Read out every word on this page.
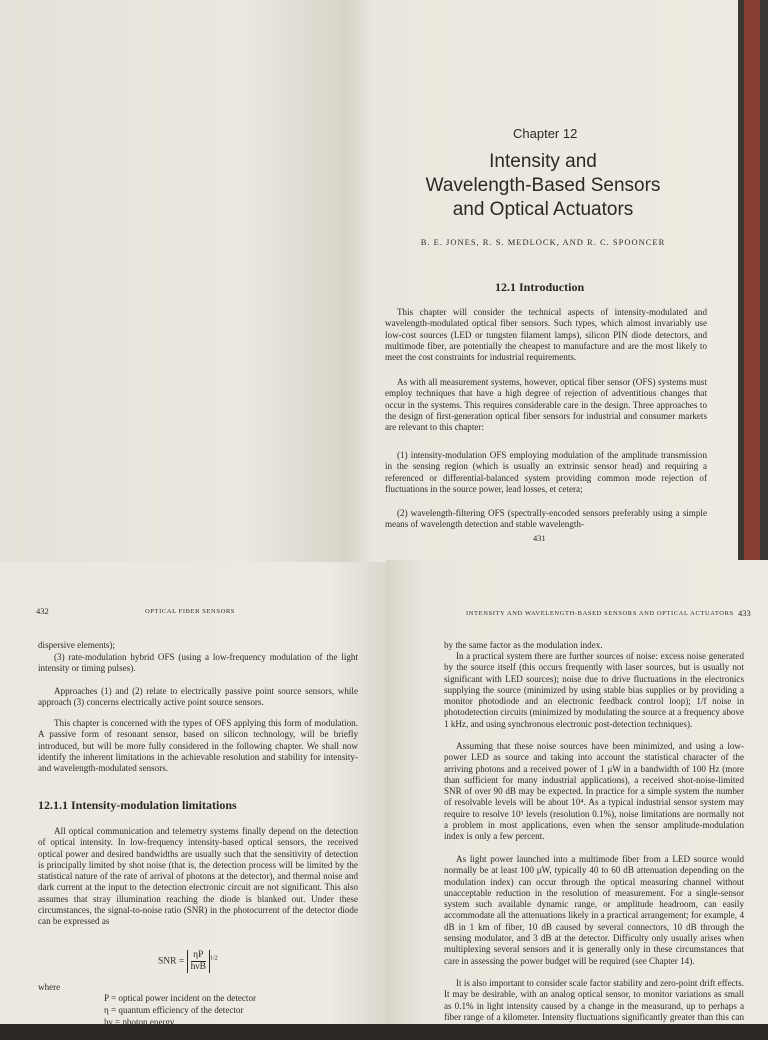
Chapter 12
Intensity and
Wavelength-Based Sensors
and Optical Actuators
B. E. JONES, R. S. MEDLOCK, AND R. C. SPOONCER
12.1 Introduction
This chapter will consider the technical aspects of intensity-modulated and wavelength-modulated optical fiber sensors. Such types, which almost invariably use low-cost sources (LED or tungsten filament lamps), silicon PIN diode detectors, and multimode fiber, are potentially the cheapest to manufacture and are the most likely to meet the cost constraints for industrial requirements.
As with all measurement systems, however, optical fiber sensor (OFS) systems must employ techniques that have a high degree of rejection of adventitious changes that occur in the systems. This requires considerable care in the design. Three approaches to the design of first-generation optical fiber sensors for industrial and consumer markets are relevant to this chapter:
(1) intensity-modulation OFS employing modulation of the amplitude transmission in the sensing region (which is usually an extrinsic sensor head) and requiring a referenced or differential-balanced system providing common mode rejection of fluctuations in the source power, lead losses, et cetera;
(2) wavelength-filtering OFS (spectrally-encoded sensors preferably using a simple means of wavelength detection and stable wavelength-
431
432	OPTICAL FIBER SENSORS
dispersive elements);
(3) rate-modulation hybrid OFS (using a low-frequency modulation of the light intensity or timing pulses).
Approaches (1) and (2) relate to electrically passive point source sensors, while approach (3) concerns electrically active point source sensors.
This chapter is concerned with the types of OFS applying this form of modulation. A passive form of resonant sensor, based on silicon technology, will be briefly introduced, but will be more fully considered in the following chapter. We shall now identify the inherent limitations in the achievable resolution and stability for intensity- and wavelength-modulated sensors.
12.1.1 Intensity-modulation limitations
All optical communication and telemetry systems finally depend on the detection of optical intensity. In low-frequency intensity-based optical sensors, the received optical power and desired bandwidths are usually such that the sensitivity of detection is principally limited by shot noise (that is, the detection process will be limited by the statistical nature of the rate of arrival of photons at the detector), and thermal noise and dark current at the input to the detection electronic circuit are not significant. This also assumes that stray illumination reaching the diode is blanked out. Under these circumstances, the signal-to-noise ratio (SNR) in the photocurrent of the detector diode can be expressed as
SNR = $\frac{\eta P}{\text{hνB}} ^{1/2}$
where
P = optical power incident on the detector
η = quantum efficiency of the detector
hν = photon energy
B = bandwidth of the optical receiver
INTENSITY AND WAVELENGTH-BASED SENSORS AND OPTICAL ACTUATORS 433
by the same factor as the modulation index.
In a practical system there are further sources of noise: excess noise generated by the source itself (this occurs frequently with laser sources, but is usually not significant with LED sources); noise due to drive fluctuations in the electronics supplying the source (minimized by using stable bias supplies or by providing a monitor photodiode and an electronic feedback control loop); 1/f noise in photodetection circuits (minimized by modulating the source at a frequency above 1 kHz, and using synchronous electronic post-detection techniques).
Assuming that these noise sources have been minimized, and using a low-power LED as source and taking into account the statistical character of the arriving photons and a received power of 1 μW in a bandwidth of 100 Hz (more than sufficient for many industrial applications), a received shot-noise-limited SNR of over 90 dB may be expected. In practice for a simple system the number of resolvable levels will be about 10⁴. As a typical industrial sensor system may require to resolve 10³ levels (resolution 0.1%), noise limitations are normally not a problem in most applications, even when the sensor amplitude-modulation index is only a few percent.
As light power launched into a multimode fiber from a LED source would normally be at least 100 μW, typically 40 to 60 dB attenuation depending on the modulation index) can occur through the optical measuring channel without unacceptable reduction in the resolution of measurement. For a single-sensor system such available dynamic range, or amplitude headroom, can easily accommodate all the attenuations likely in a practical arrangement; for example, 4 dB in 1 km of fiber, 10 dB caused by several connectors, 10 dB through the sensing modulator, and 3 dB at the detector. Difficulty only usually arises when multiplexing several sensors and it is generally only in these circumstances that care in assessing the power budget will be required (see Chapter 14).
It is also important to consider scale factor stability and zero-point drift effects. It may be desirable, with an analog optical sensor, to monitor variations as small as 0.1% in light intensity caused by a change in the measurand, up to perhaps a fiber range of a kilometer. Intensity fluctuations significantly greater than this can occur due to source temperature
